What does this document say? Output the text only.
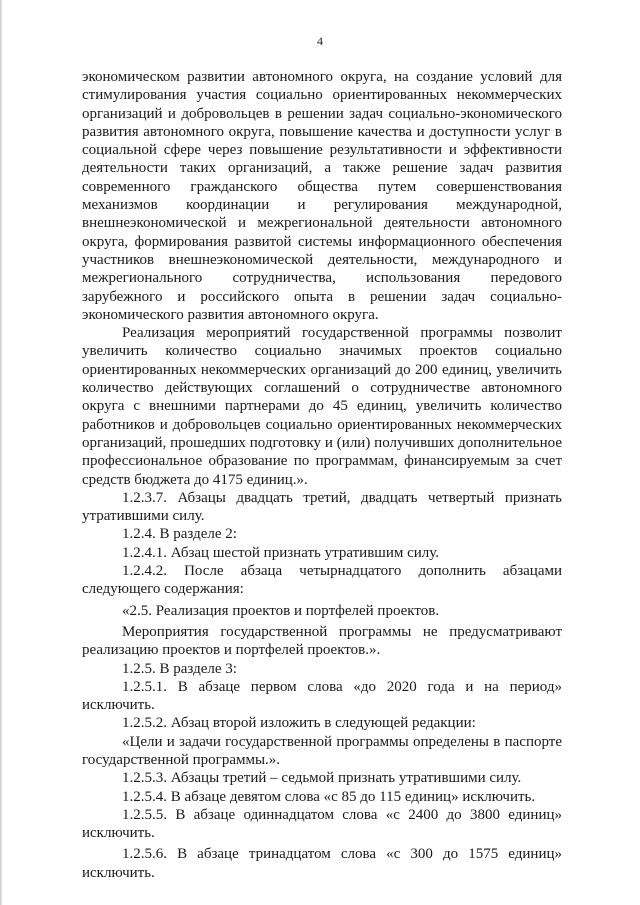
4

экономическом развитии автономного округа, на создание условий для стимулирования участия социально ориентированных некоммерческих организаций и добровольцев в решении задач социально-экономического развития автономного округа, повышение качества и доступности услуг в социальной сфере через повышение результативности и эффективности деятельности таких организаций, а также решение задач развития современного гражданского общества путем совершенствования механизмов координации и регулирования международной, внешнеэкономической и межрегиональной деятельности автономного округа, формирования развитой системы информационного обеспечения участников внешнеэкономической деятельности, международного и межрегионального сотрудничества, использования передового зарубежного и российского опыта в решении задач социально-экономического развития автономного округа.

Реализация мероприятий государственной программы позволит увеличить количество социально значимых проектов социально ориентированных некоммерческих организаций до 200 единиц, увеличить количество действующих соглашений о сотрудничестве автономного округа с внешними партнерами до 45 единиц, увеличить количество работников и добровольцев социально ориентированных некоммерческих организаций, прошедших подготовку и (или) получивших дополнительное профессиональное образование по программам, финансируемым за счет средств бюджета до 4175 единиц.».

1.2.3.7. Абзацы двадцать третий, двадцать четвертый признать утратившими силу.

1.2.4. В разделе 2:

1.2.4.1. Абзац шестой признать утратившим силу.

1.2.4.2. После абзаца четырнадцатого дополнить абзацами следующего содержания:

«2.5. Реализация проектов и портфелей проектов.

Мероприятия государственной программы не предусматривают реализацию проектов и портфелей проектов.».

1.2.5. В разделе 3:

1.2.5.1. В абзаце первом слова «до 2020 года и на период» исключить.

1.2.5.2. Абзац второй изложить в следующей редакции:

«Цели и задачи государственной программы определены в паспорте государственной программы.».

1.2.5.3. Абзацы третий – седьмой признать утратившими силу.

1.2.5.4. В абзаце девятом слова «с 85 до 115 единиц» исключить.

1.2.5.5. В абзаце одиннадцатом слова «с 2400 до 3800 единиц» исключить.

1.2.5.6. В абзаце тринадцатом слова «с 300 до 1575 единиц» исключить.
